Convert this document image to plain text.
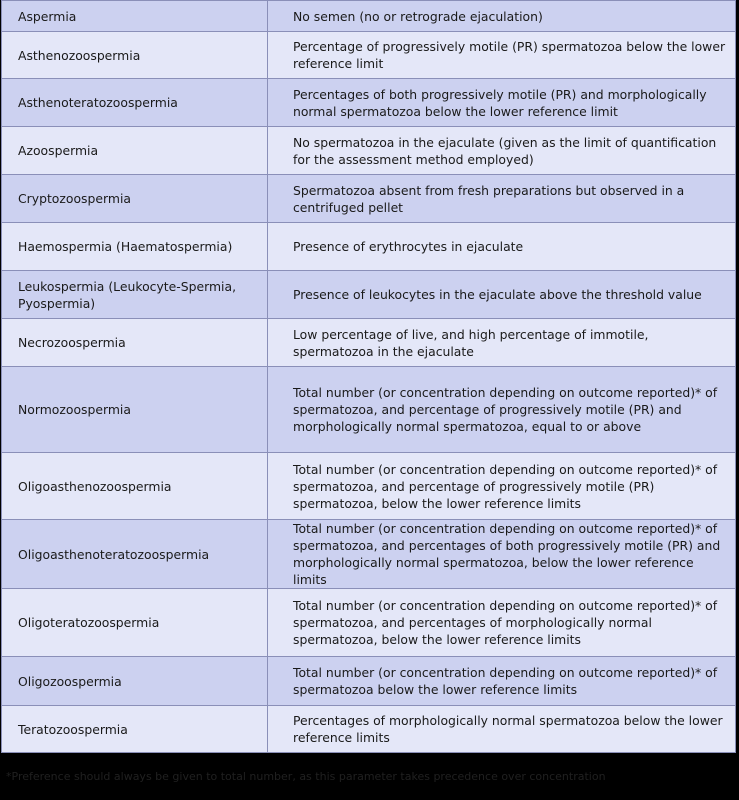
Aspermia	No semen (no or retrograde ejaculation)
Asthenozoospermia	Percentage of progressively motile (PR) spermatozoa below the lower reference limit
Asthenoteratozoospermia	Percentages of both progressively motile (PR) and morphologically normal spermatozoa below the lower reference limit
Azoospermia	No spermatozoa in the ejaculate (given as the limit of quantification for the assessment method employed)
Cryptozoospermia	Spermatozoa absent from fresh preparations but observed in a centrifuged pellet
Haemospermia (Haematospermia)	Presence of erythrocytes in ejaculate
Leukospermia (Leukocyte-Spermia, Pyospermia)	Presence of leukocytes in the ejaculate above the threshold value
Necrozoospermia	Low percentage of live, and high percentage of immotile, spermatozoa in the ejaculate
Normozoospermia	Total number (or concentration depending on outcome reported)* of spermatozoa, and percentage of progressively motile (PR) and morphologically normal spermatozoa, equal to or above
Oligoasthenozoospermia	Total number (or concentration depending on outcome reported)* of spermatozoa, and percentage of progressively motile (PR) spermatozoa, below the lower reference limits
Oligoasthenoteratozoospermia	Total number (or concentration depending on outcome reported)* of spermatozoa, and percentages of both progressively motile (PR) and morphologically normal spermatozoa, below the lower reference limits
Oligoteratozoospermia	Total number (or concentration depending on outcome reported)* of spermatozoa, and percentages of morphologically normal spermatozoa, below the lower reference limits
Oligozoospermia	Total number (or concentration depending on outcome reported)* of spermatozoa below the lower reference limits
Teratozoospermia	Percentages of morphologically normal spermatozoa below the lower reference limits
*Preference should always be given to total number, as this parameter takes precedence over concentration
